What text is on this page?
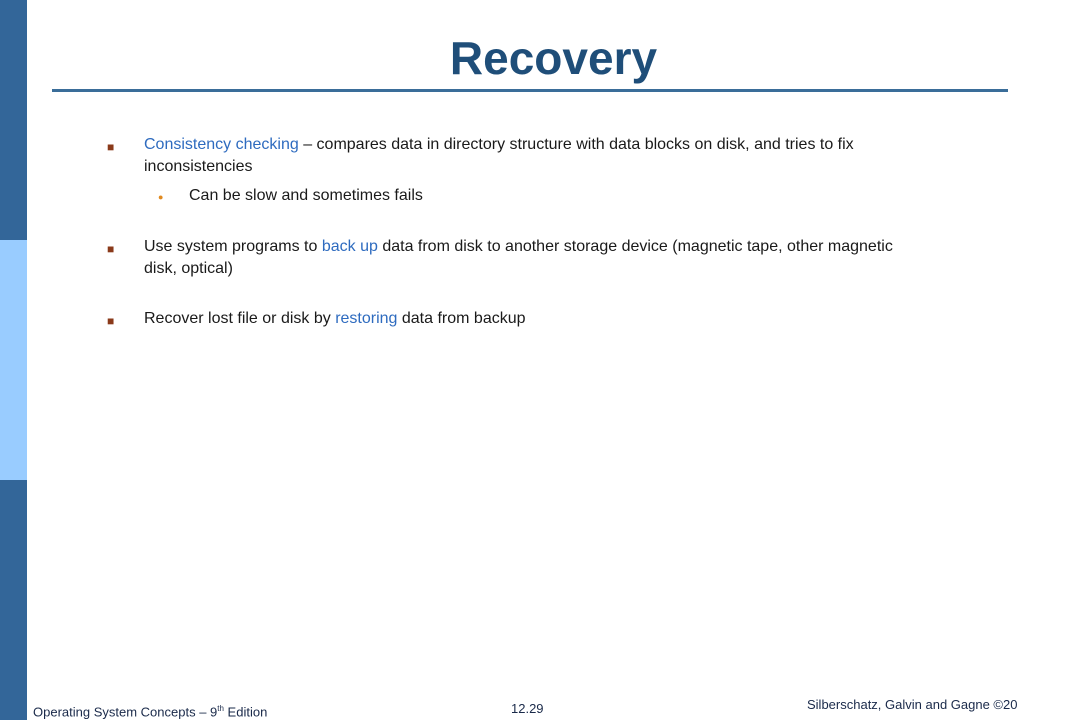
Recovery
■ Consistency checking – compares data in directory structure with data blocks on disk, and tries to fix
inconsistencies
● Can be slow and sometimes fails
■ Use system programs to back up data from disk to another storage device (magnetic tape, other magnetic
disk, optical)
■ Recover lost file or disk by restoring data from backup
Operating System Concepts – 9th Edition	12.29	Silberschatz, Galvin and Gagne ©20
